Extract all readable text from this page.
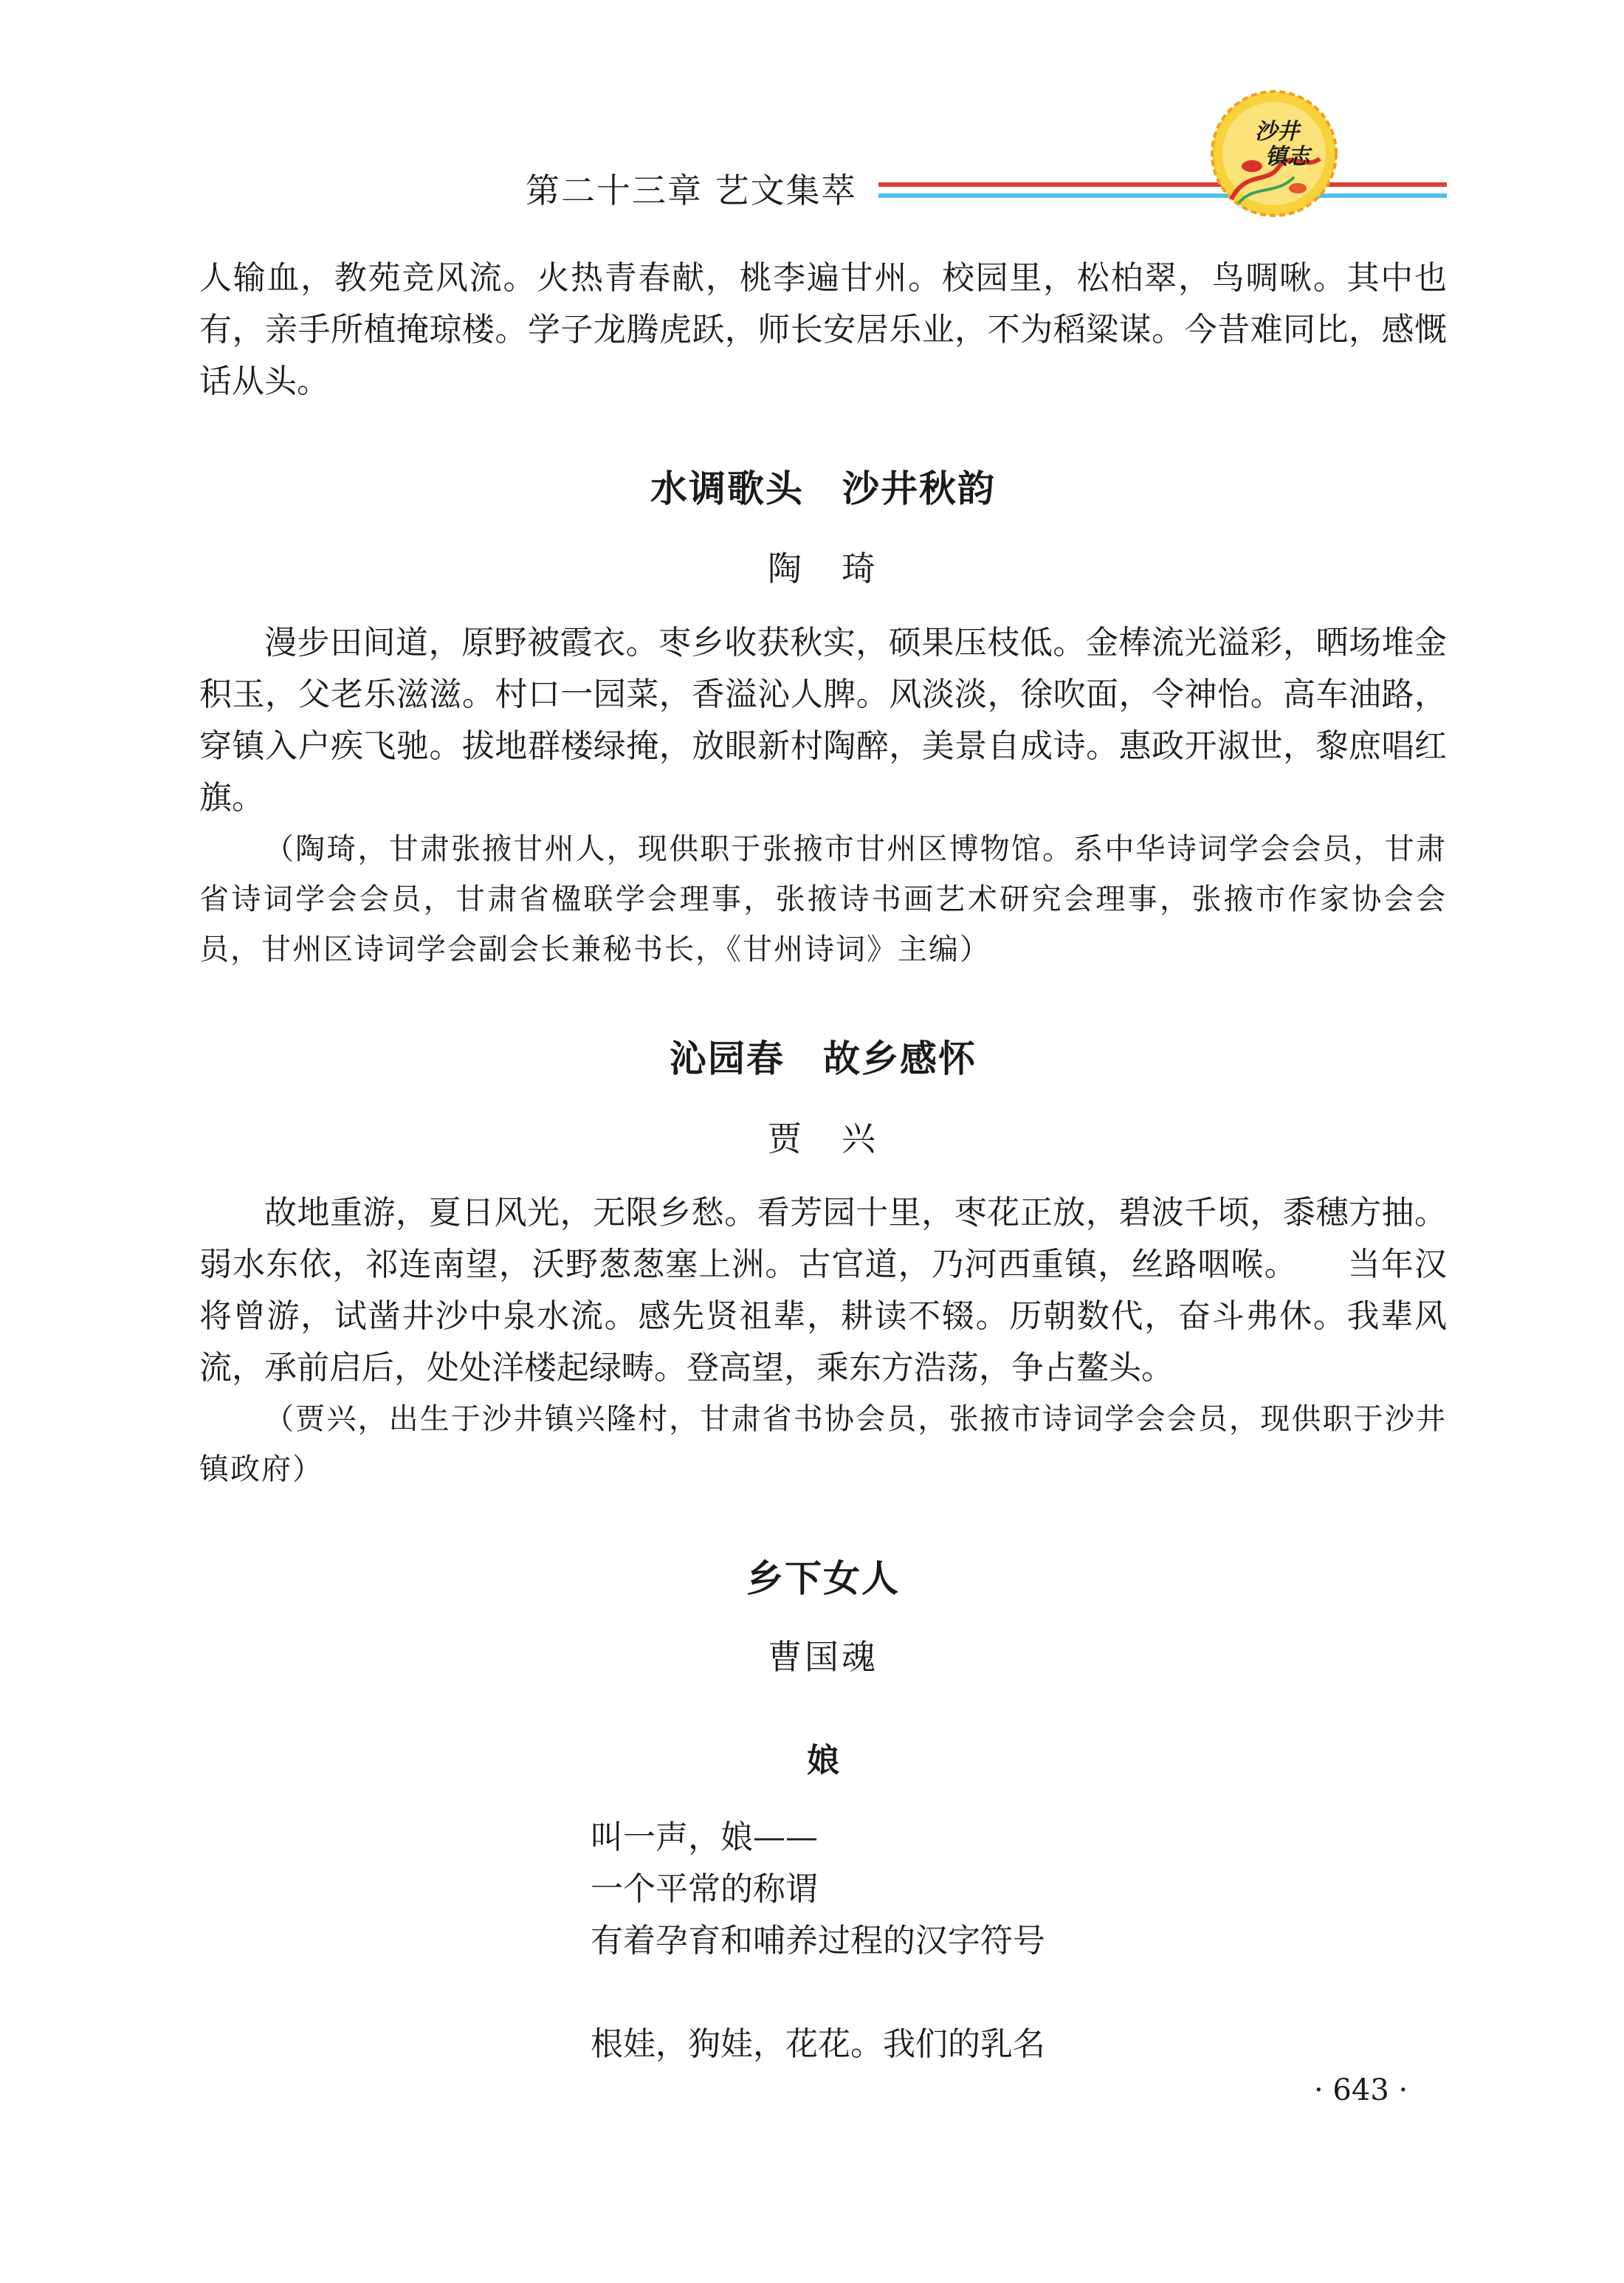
第二十三章 艺文集萃
沙井
镇志

人输血，教苑竞风流。火热青春献，桃李遍甘州。校园里，松柏翠，鸟啁啾。其中也有，亲手所植掩琼楼。学子龙腾虎跃，师长安居乐业，不为稻粱谋。今昔难同比，感慨话从头。

水调歌头　沙井秋韵
陶　琦

漫步田间道，原野被霞衣。枣乡收获秋实，硕果压枝低。金棒流光溢彩，晒场堆金积玉，父老乐滋滋。村口一园菜，香溢沁人脾。风淡淡，徐吹面，令神怡。高车油路，穿镇入户疾飞驰。拔地群楼绿掩，放眼新村陶醉，美景自成诗。惠政开淑世，黎庶唱红旗。

（陶琦，甘肃张掖甘州人，现供职于张掖市甘州区博物馆。系中华诗词学会会员，甘肃省诗词学会会员，甘肃省楹联学会理事，张掖诗书画艺术研究会理事，张掖市作家协会会员，甘州区诗词学会副会长兼秘书长，《甘州诗词》主编）

沁园春　故乡感怀
贾　兴

故地重游，夏日风光，无限乡愁。看芳园十里，枣花正放，碧波千顷，黍穗方抽。弱水东依，祁连南望，沃野葱葱塞上洲。古官道，乃河西重镇，丝路咽喉。　　当年汉将曾游，试凿井沙中泉水流。感先贤祖辈，耕读不辍。历朝数代，奋斗弗休。我辈风流，承前启后，处处洋楼起绿畴。登高望，乘东方浩荡，争占鳌头。

（贾兴，出生于沙井镇兴隆村，甘肃省书协会员，张掖市诗词学会会员，现供职于沙井镇政府）

乡下女人
曹国魂
娘
叫一声，娘——
一个平常的称谓
有着孕育和哺养过程的汉字符号
根娃，狗娃，花花。我们的乳名
· 643 ·
